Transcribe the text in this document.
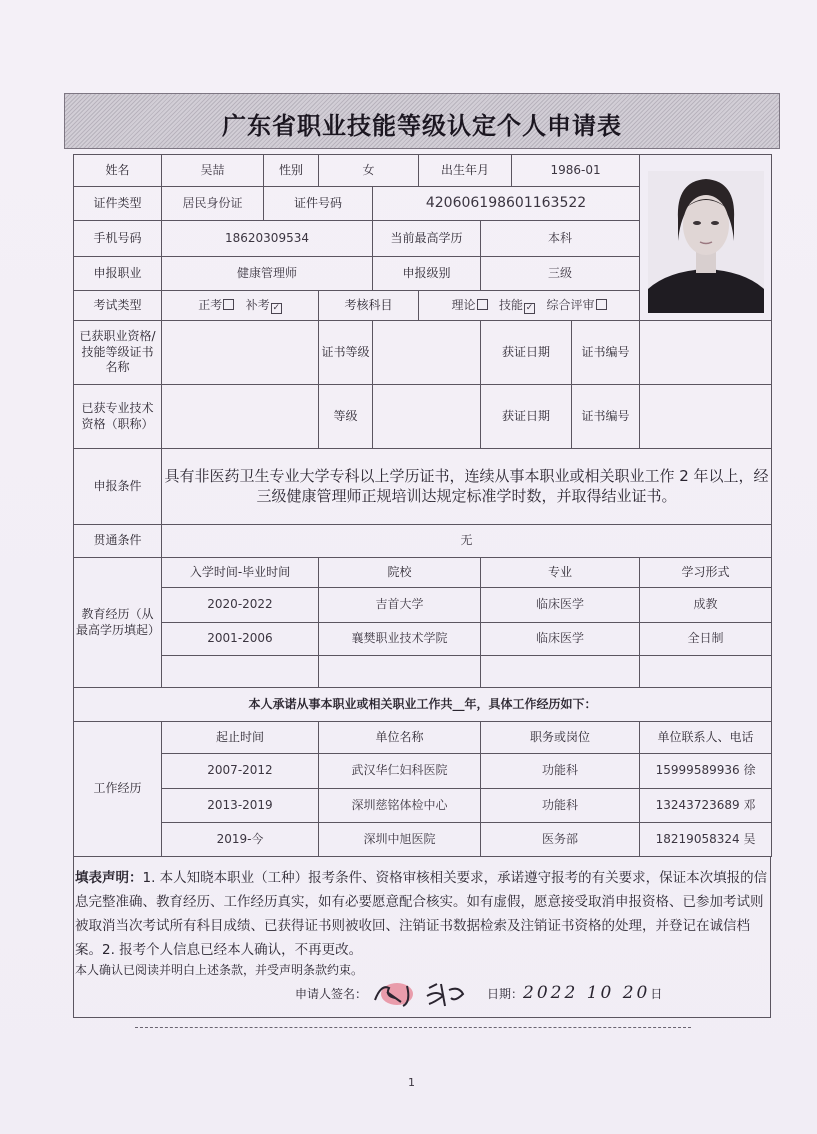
广东省职业技能等级认定个人申请表
姓名	吴喆	性别	女		出生年月		1986-01	

证件类型	居民身份证	证件号码		420606198601163522					
手机号码	18620309534			当前最高学历		本科			
申报职业	健康管理师			申报级别		三级			
考试类型	正考 补考 ✓		考核科目		理论 技能 ✓ 综合评审				
已获职业资格/技能等级证书名称			证书等级			获证日期		证书编号	
已获专业技术资格（职称）			等级			获证日期		证书编号	
申报条件	具有非医药卫生专业大学专科以上学历证书，连续从事本职业或相关职业工作 2 年以上，经三级健康管理师正规培训达规定标准学时数，并取得结业证书。								
贯通条件	无								
教育经历（从最高学历填起）	入学时间-毕业时间		院校			专业			学习形式
	2020-2022		吉首大学			临床医学			成教
	2001-2006		襄樊职业技术学院			临床医学			全日制

本人承诺从事本职业或相关职业工作共__年，具体工作经历如下：									
工作经历	起止时间		单位名称			职务或岗位			单位联系人、电话
	2007-2012		武汉华仁妇科医院			功能科			15999589936 徐
	2013-2019		深圳慈铭体检中心			功能科			13243723689 邓
	2019-今		深圳中旭医院			医务部			18219058324 吴
填表声明：1. 本人知晓本职业（工种）报考条件、资格审核相关要求，承诺遵守报考的有关要求，保证本次填报的信息完整准确、教育经历、工作经历真实，如有必要愿意配合核实。如有虚假，愿意接受取消申报资格、已参加考试则被取消当次考试所有科目成绩、已获得证书则被收回、注销证书数据检索及注销证书资格的处理，并登记在诚信档案。2. 报考个人信息已经本人确认，不再更改。
本人确认已阅读并明白上述条款，并受声明条款约束。
申请人签名：	日期： 2022 10 20 日
1
